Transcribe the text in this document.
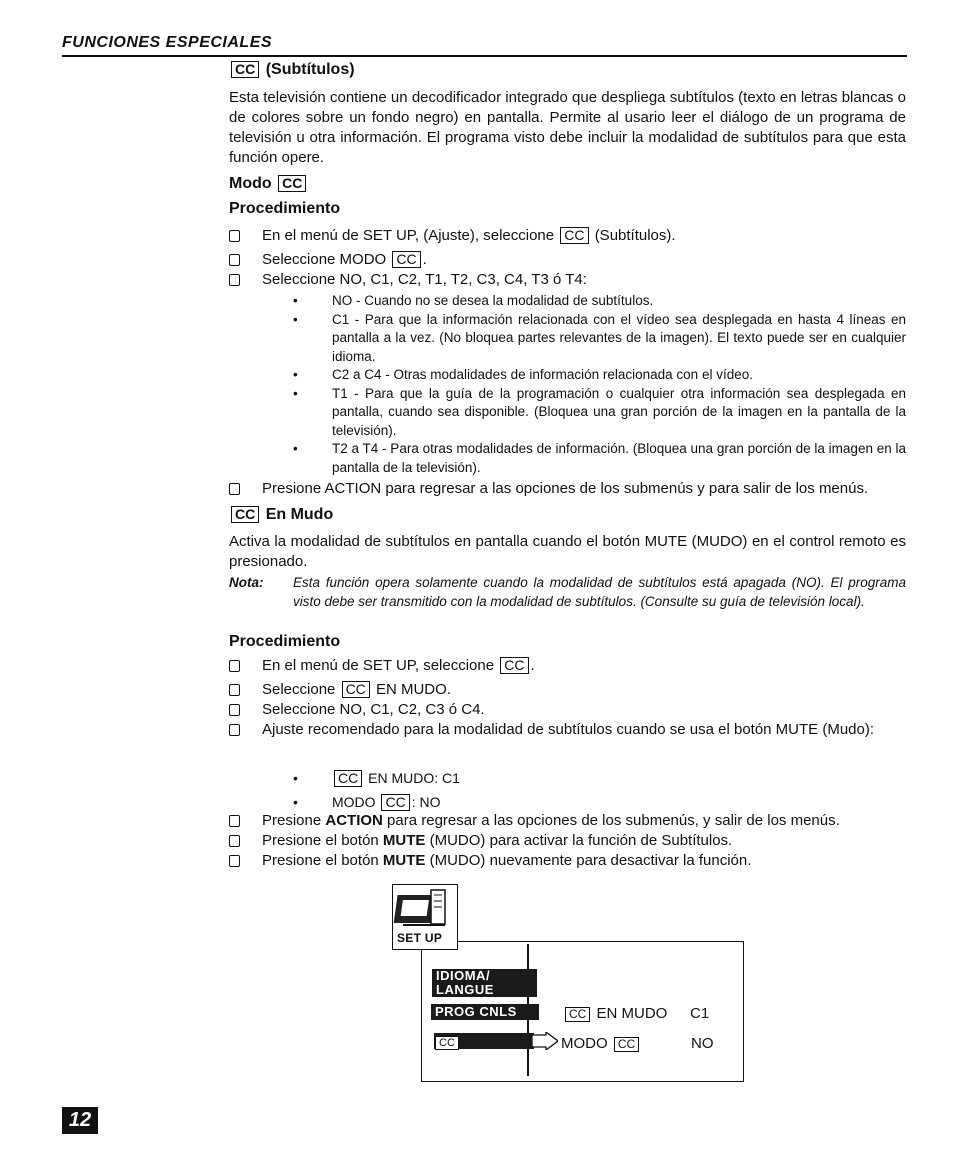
FUNCIONES ESPECIALES
CC (Subtítulos)
Esta televisión contiene un decodificador integrado que despliega subtítulos (texto en letras blancas o de colores sobre un fondo negro) en pantalla. Permite al usario leer el diálogo de un programa de televisión u otra información. El programa visto debe incluir la modalidad de subtítulos para que esta función opere.
Modo CC
Procedimiento
En el menú de SET UP, (Ajuste), seleccione CC (Subtítulos).
Seleccione MODO CC .
Seleccione NO, C1, C2, T1, T2, C3, C4, T3 ó T4:
•	NO - Cuando no se desea la modalidad de subtítulos.
•	C1 - Para que la información relacionada con el vídeo sea desplegada en hasta 4 líneas en pantalla a la vez. (No bloquea partes relevantes de la imagen). El texto puede ser en cualquier idioma.
•	C2 a C4 - Otras modalidades de información relacionada con el vídeo.
•	T1 - Para que la guía de la programación o cualquier otra información sea desplegada en pantalla, cuando sea disponible. (Bloquea una gran porción de la imagen en la pantalla de la televisión).
•	T2 a T4 - Para otras modalidades de información. (Bloquea una gran porción de la imagen en la pantalla de la televisión).
Presione ACTION para regresar a las opciones de los submenús y para salir de los menús.
CC En Mudo
Activa la modalidad de subtítulos en pantalla cuando el botón MUTE (MUDO) en el control remoto es presionado.
Nota: Esta función opera solamente cuando la modalidad de subtítulos está apagada (NO). El programa visto debe ser transmitido con la modalidad de subtítulos. (Consulte su guía de televisión local).
Procedimiento
En el menú de SET UP, seleccione CC .
Seleccione CC EN MUDO.
Seleccione NO, C1, C2, C3 ó C4.
Ajuste recomendado para la modalidad de subtítulos cuando se usa el botón MUTE (Mudo):
•	CC EN MUDO: C1
• MODO CC : NO
Presione ACTION para regresar a las opciones de los submenús, y salir de los menús.
Presione el botón MUTE (MUDO) para activar la función de Subtítulos.
Presione el botón MUTE (MUDO) nuevamente para desactivar la función.
SET UP
IDIOMA/
LANGUE
PROG CNLS
CC
CC EN MUDO C1
MODO CC	NO
12
